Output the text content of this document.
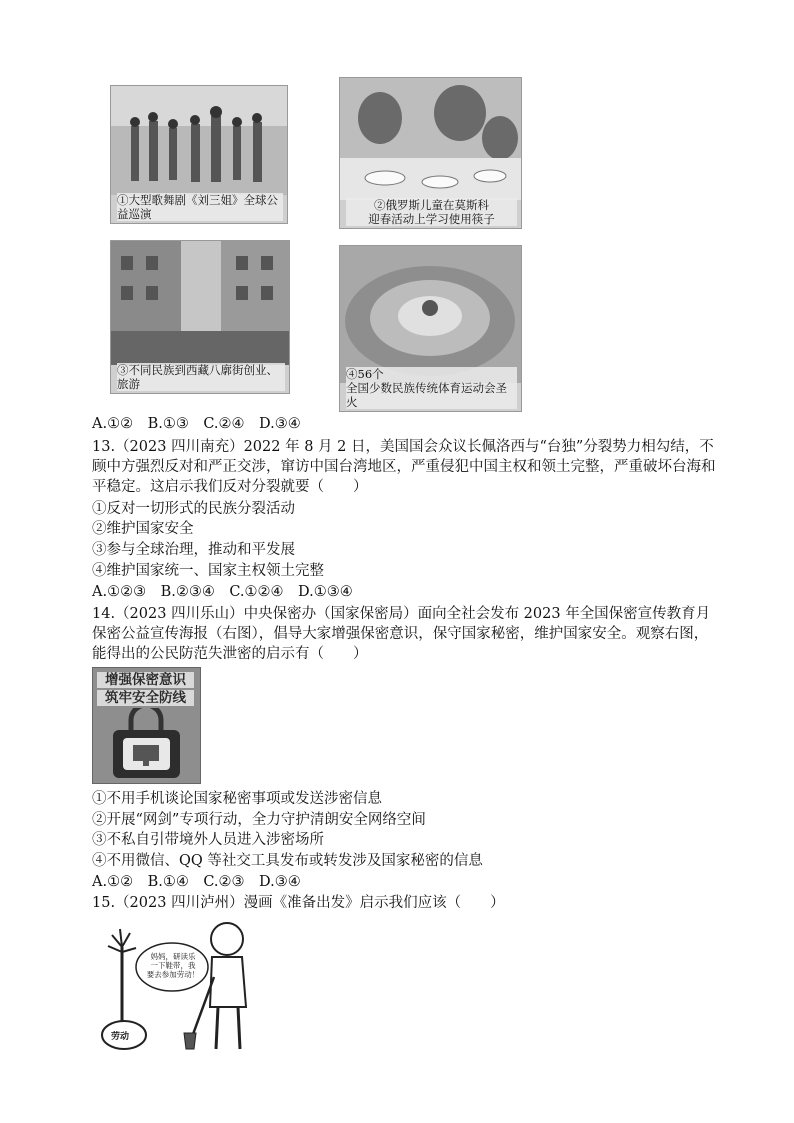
①大型歌舞剧《刘三姐》全球公益巡演
②俄罗斯儿童在莫斯科
迎春活动上学习使用筷子
③不同民族到西藏八廓街创业、旅游
④56个
全国少数民族传统体育运动会圣火
A.①②　B.①③　C.②④　D.③④
13.（2023 四川南充）2022 年 8 月 2 日，美国国会众议长佩洛西与“台独”分裂势力相勾结，不顾中方强烈反对和严正交涉，窜访中国台湾地区，严重侵犯中国主权和领土完整，严重破坏台海和平稳定。这启示我们反对分裂就要（　　）
①反对一切形式的民族分裂活动
②维护国家安全
③参与全球治理，推动和平发展
④维护国家统一、国家主权领土完整
A.①②③　B.②③④　C.①②④　D.①③④
14.（2023 四川乐山）中央保密办（国家保密局）面向全社会发布 2023 年全国保密宣传教育月保密公益宣传海报（右图），倡导大家增强保密意识，保守国家秘密，维护国家安全。观察右图，能得出的公民防范失泄密的启示有（　　）
增强保密意识
筑牢安全防线
①不用手机谈论国家秘密事项或发送涉密信息
②开展“网剑”专项行动，全力守护清朗安全网络空间
③不私自引带境外人员进入涉密场所
④不用微信、QQ 等社交工具发布或转发涉及国家秘密的信息
A.①②　B.①④　C.②③　D.③④
15.（2023 四川泸州）漫画《准备出发》启示我们应该（　　）
妈妈，研读乐
一下鞋带，我
要去参加劳动！
劳动
